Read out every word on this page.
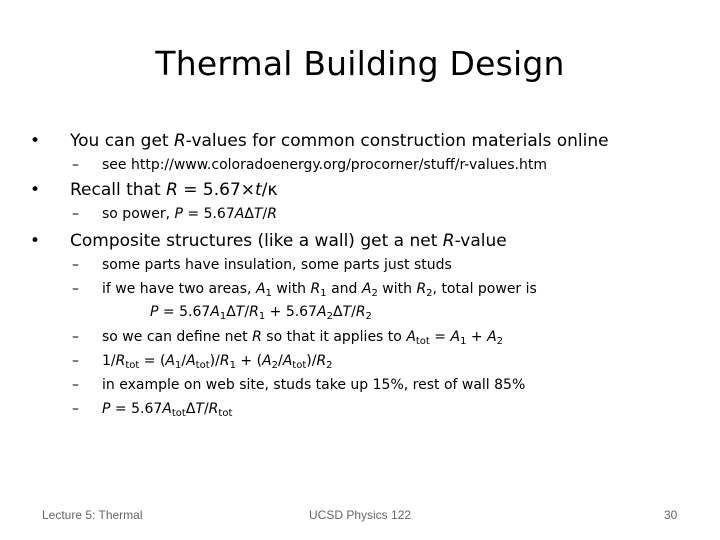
Thermal Building Design
• You can get R-values for common construction materials online
– see http://www.coloradoenergy.org/procorner/stuff/r-values.htm
• Recall that R = 5.67×t/κ
– so power, P = 5.67AΔT/R
• Composite structures (like a wall) get a net R-value
– some parts have insulation, some parts just studs
– if we have two areas, $A_1$ with $R_1$ and $A_2$ with $R_2$, total power is
$P = 5.67A_1\Delta T/R_1 + 5.67A_2\Delta T/R_2$
– so we can define net R so that it applies to $A_{tot} = A_1 + A_2$
– $1/R_{tot} = (A_1/A_{tot})/R_1 + (A_2/A_{tot})/R_2$
– in example on web site, studs take up 15%, rest of wall 85%
– $P = 5.67A_{tot}\Delta T/R_{tot}$
Lecture 5: Thermal	UCSD Physics 122	30
